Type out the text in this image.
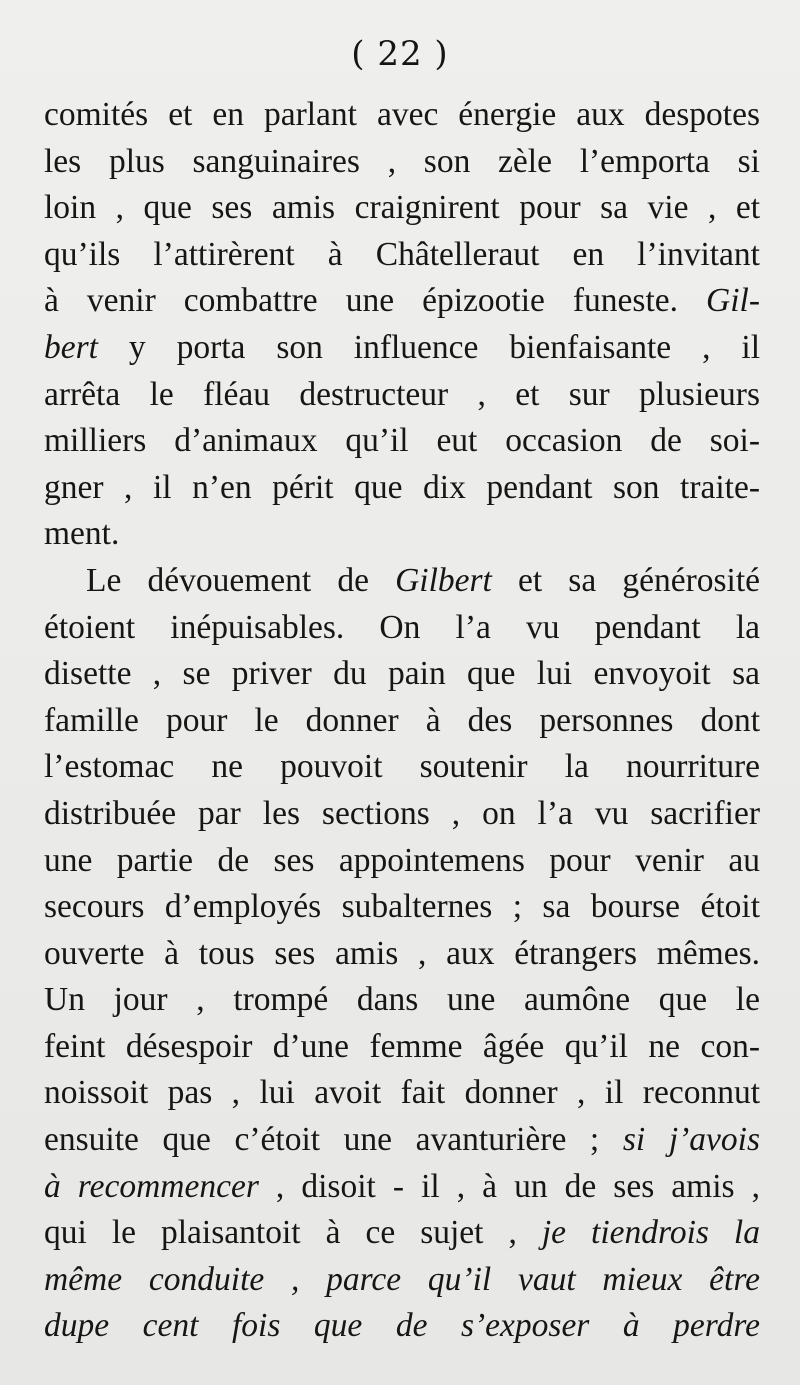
( 22 )
comités et en parlant avec énergie aux despotes
les plus sanguinaires , son zèle l’emporta si
loin , que ses amis craignirent pour sa vie , et
qu’ils l’attirèrent à Châtelleraut en l’invitant
à venir combattre une épizootie funeste. Gil-
bert y porta son influence bienfaisante , il
arrêta le fléau destructeur , et sur plusieurs
milliers d’animaux qu’il eut occasion de soi-
gner , il n’en périt que dix pendant son traite-
ment.
Le dévouement de Gilbert et sa générosité
étoient inépuisables. On l’a vu pendant la
disette , se priver du pain que lui envoyoit sa
famille pour le donner à des personnes dont
l’estomac ne pouvoit soutenir la nourriture
distribuée par les sections , on l’a vu sacrifier
une partie de ses appointemens pour venir au
secours d’employés subalternes ; sa bourse étoit
ouverte à tous ses amis , aux étrangers mêmes.
Un jour , trompé dans une aumône que le
feint désespoir d’une femme âgée qu’il ne con-
noissoit pas , lui avoit fait donner , il reconnut
ensuite que c’étoit une avanturière ; si j’avois
à recommencer , disoit - il , à un de ses amis ,
qui le plaisantoit à ce sujet , je tiendrois la
même conduite , parce qu’il vaut mieux être
dupe cent fois que de s’exposer à perdre
